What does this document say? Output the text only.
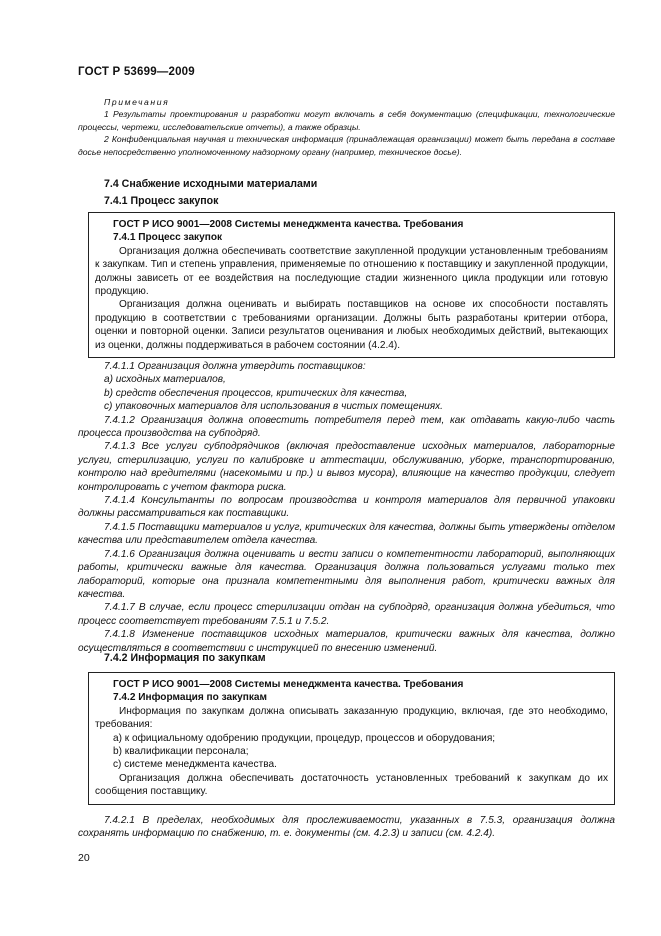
ГОСТ Р 53699—2009
Примечания

1 Результаты проектирования и разработки могут включать в себя документацию (спецификации, технологические процессы, чертежи, исследовательские отчеты), а также образцы.

2 Конфиденциальная научная и техническая информация (принадлежащая организации) может быть передана в составе досье непосредственно уполномоченному надзорному органу (например, техническое досье).

7.4 Снабжение исходными материалами
7.4.1 Процесс закупок

ГОСТ Р ИСО 9001—2008 Системы менеджмента качества. Требования

7.4.1 Процесс закупок

Организация должна обеспечивать соответствие закупленной продукции установленным требованиям к закупкам. Тип и степень управления, применяемые по отношению к поставщику и закупленной продукции, должны зависеть от ее воздействия на последующие стадии жизненного цикла продукции или готовую продукцию.

Организация должна оценивать и выбирать поставщиков на основе их способности поставлять продукцию в соответствии с требованиями организации. Должны быть разработаны критерии отбора, оценки и повторной оценки. Записи результатов оценивания и любых необходимых действий, вытекающих из оценки, должны поддерживаться в рабочем состоянии (4.2.4).

7.4.1.1 Организация должна утвердить поставщиков:

a) исходных материалов,

b) средств обеспечения процессов, критических для качества,

c) упаковочных материалов для использования в чистых помещениях.

7.4.1.2 Организация должна оповестить потребителя перед тем, как отдавать какую-либо часть процесса производства на субподряд.

7.4.1.3 Все услуги субподрядчиков (включая предоставление исходных материалов, лабораторные услуги, стерилизацию, услуги по калибровке и аттестации, обслуживанию, уборке, транспортированию, контролю над вредителями (насекомыми и пр.) и вывоз мусора), влияющие на качество продукции, следует контролировать с учетом фактора риска.

7.4.1.4 Консультанты по вопросам производства и контроля материалов для первичной упаковки должны рассматриваться как поставщики.

7.4.1.5 Поставщики материалов и услуг, критических для качества, должны быть утверждены отделом качества или представителем отдела качества.

7.4.1.6 Организация должна оценивать и вести записи о компетентности лабораторий, выполняющих работы, критически важные для качества. Организация должна пользоваться услугами только тех лабораторий, которые она признала компетентными для выполнения работ, критически важных для качества.

7.4.1.7 В случае, если процесс стерилизации отдан на субподряд, организация должна убедиться, что процесс соответствует требованиям 7.5.1 и 7.5.2.

7.4.1.8 Изменение поставщиков исходных материалов, критически важных для качества, должно осуществляться в соответствии с инструкцией по внесению изменений.

7.4.2 Информация по закупкам

ГОСТ Р ИСО 9001—2008 Системы менеджмента качества. Требования

7.4.2 Информация по закупкам

Информация по закупкам должна описывать заказанную продукцию, включая, где это необходимо, требования:

a) к официальному одобрению продукции, процедур, процессов и оборудования;

b) квалификации персонала;

c) системе менеджмента качества.

Организация должна обеспечивать достаточность установленных требований к закупкам до их сообщения поставщику.

7.4.2.1 В пределах, необходимых для прослеживаемости, указанных в 7.5.3, организация должна сохранять информацию по снабжению, т. е. документы (см. 4.2.3) и записи (см. 4.2.4).

20
